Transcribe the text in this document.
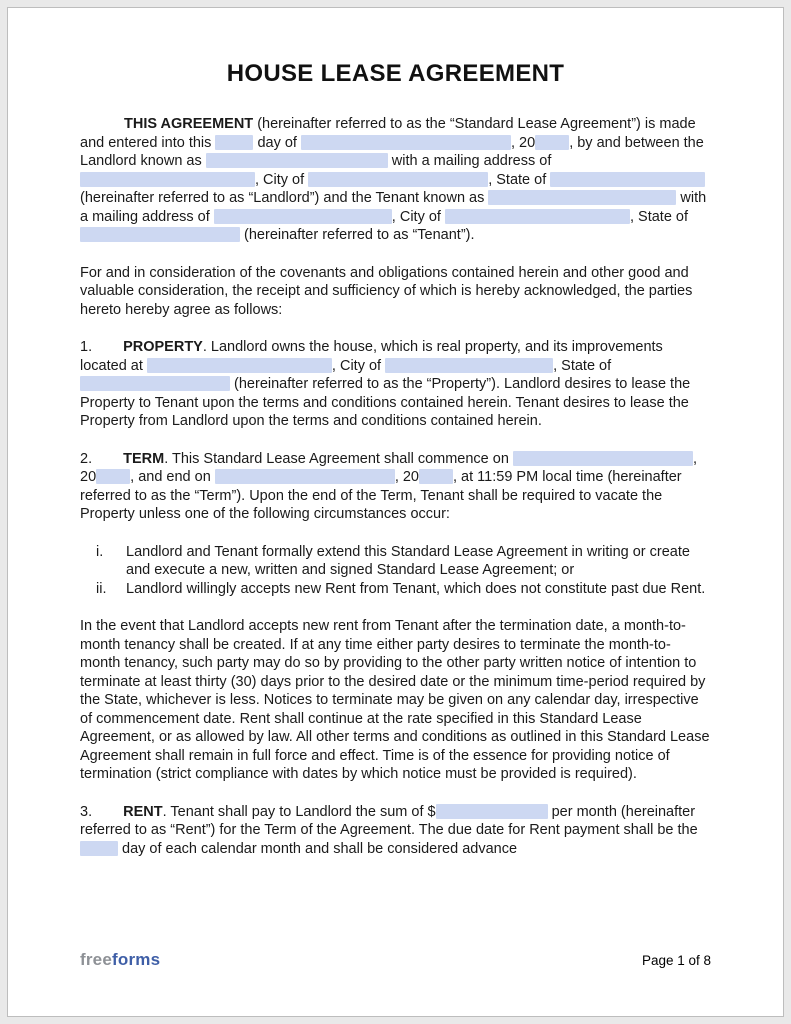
HOUSE LEASE AGREEMENT

THIS AGREEMENT (hereinafter referred to as the “Standard Lease Agreement”) is made and entered into this	day of	, 20 , by and between the Landlord known as	with a mailing address of , City of	, State of  (hereinafter referred to as “Landlord”) and the Tenant known as	with a mailing address of	, City of	, State of  (hereinafter referred to as “Tenant”).

For and in consideration of the covenants and obligations contained herein and other good and valuable consideration, the receipt and sufficiency of which is hereby acknowledged, the parties hereto hereby agree as follows:

1. PROPERTY. Landlord owns the house, which is real property, and its improvements located at	, City of	, State of  (hereinafter referred to as the “Property”). Landlord desires to lease the Property to Tenant upon the terms and conditions contained herein. Tenant desires to lease the Property from Landlord upon the terms and conditions contained herein.

2. TERM. This Standard Lease Agreement shall commence on	, 20 , and end on	, 20 , at 11:59 PM local time (hereinafter referred to as the “Term”). Upon the end of the Term, Tenant shall be required to vacate the Property unless one of the following circumstances occur:

i.	Landlord and Tenant formally extend this Standard Lease Agreement in writing or create and execute a new, written and signed Standard Lease Agreement; or
ii.	Landlord willingly accepts new Rent from Tenant, which does not constitute past due Rent.

In the event that Landlord accepts new rent from Tenant after the termination date, a month-to-month tenancy shall be created. If at any time either party desires to terminate the month-to-month tenancy, such party may do so by providing to the other party written notice of intention to terminate at least thirty (30) days prior to the desired date or the minimum time-period required by the State, whichever is less. Notices to terminate may be given on any calendar day, irrespective of commencement date. Rent shall continue at the rate specified in this Standard Lease Agreement, or as allowed by law. All other terms and conditions as outlined in this Standard Lease Agreement shall remain in full force and effect. Time is of the essence for providing notice of termination (strict compliance with dates by which notice must be provided is required).

3. RENT. Tenant shall pay to Landlord the sum of $	per month (hereinafter referred to as “Rent”) for the Term of the Agreement. The due date for Rent payment shall be the  day of each calendar month and shall be considered advance

freeforms	Page 1 of 8
